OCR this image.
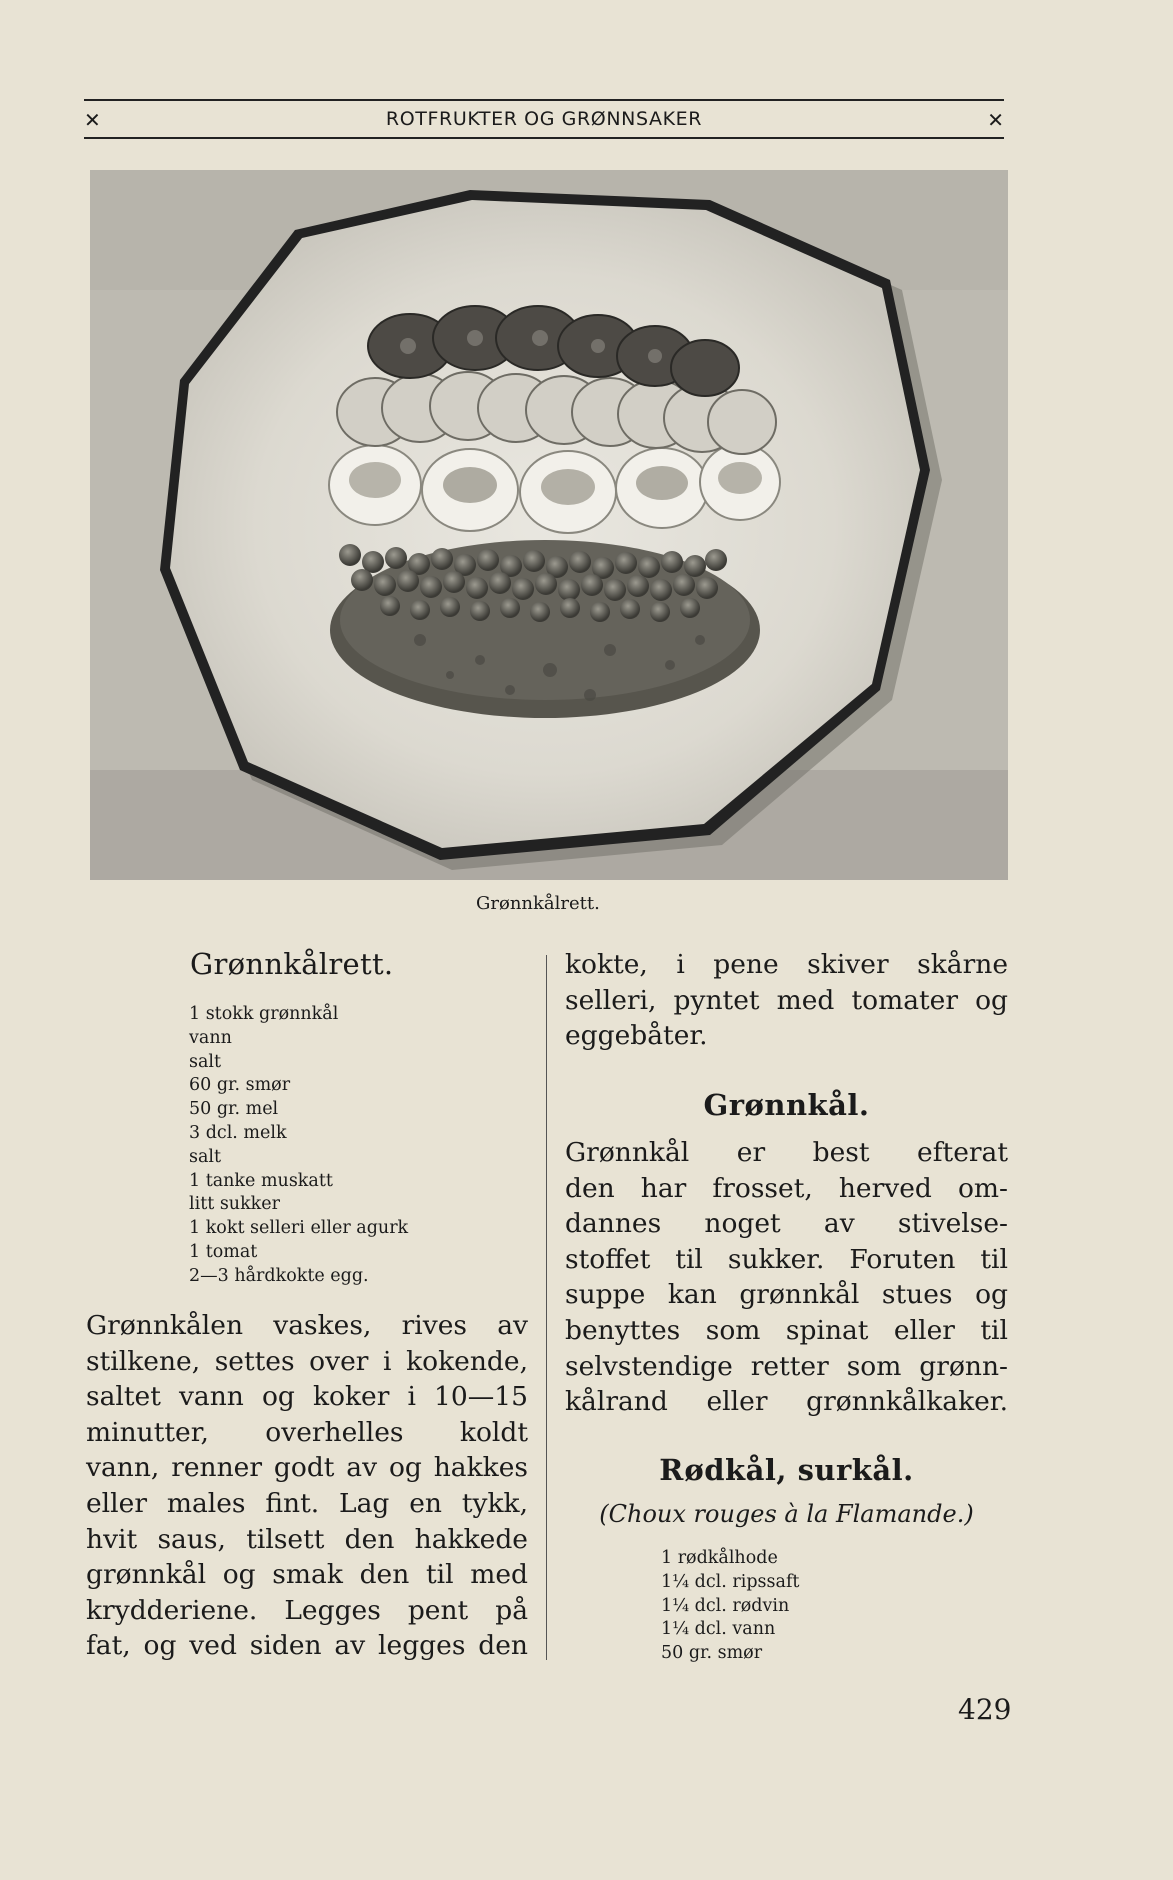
✕	ROTFRUKTER OG GRØNNSAKER	✕
Grønnkålrett.
Grønnkålrett.
1 stokk grønnkål
vann
salt
60 gr. smør
50 gr. mel
3 dcl. melk
salt
1 tanke muskatt
litt sukker
1 kokt selleri eller agurk
1 tomat
2—3 hårdkokte egg.
Grønnkålen vaskes, rives av
stilkene, settes over i kokende,
saltet vann og koker i 10—15
minutter, overhelles koldt
vann, renner godt av og hakkes
eller males fint. Lag en tykk,
hvit saus, tilsett den hakkede
grønnkål og smak den til med
krydderiene. Legges pent på
fat, og ved siden av legges den
kokte, i pene skiver skårne
selleri, pyntet med tomater og
eggebåter.
Grønnkål.
Grønnkål er best efterat
den har frosset, herved om-
dannes noget av stivelse-
stoffet til sukker. Foruten til
suppe kan grønnkål stues og
benyttes som spinat eller til
selvstendige retter som grønn-
kålrand eller grønnkålkaker.
Rødkål, surkål.

(Choux rouges à la Flamande.)

1 rødkålhode
1¼ dcl. ripssaft
1¼ dcl. rødvin
1¼ dcl. vann
50 gr. smør
429
